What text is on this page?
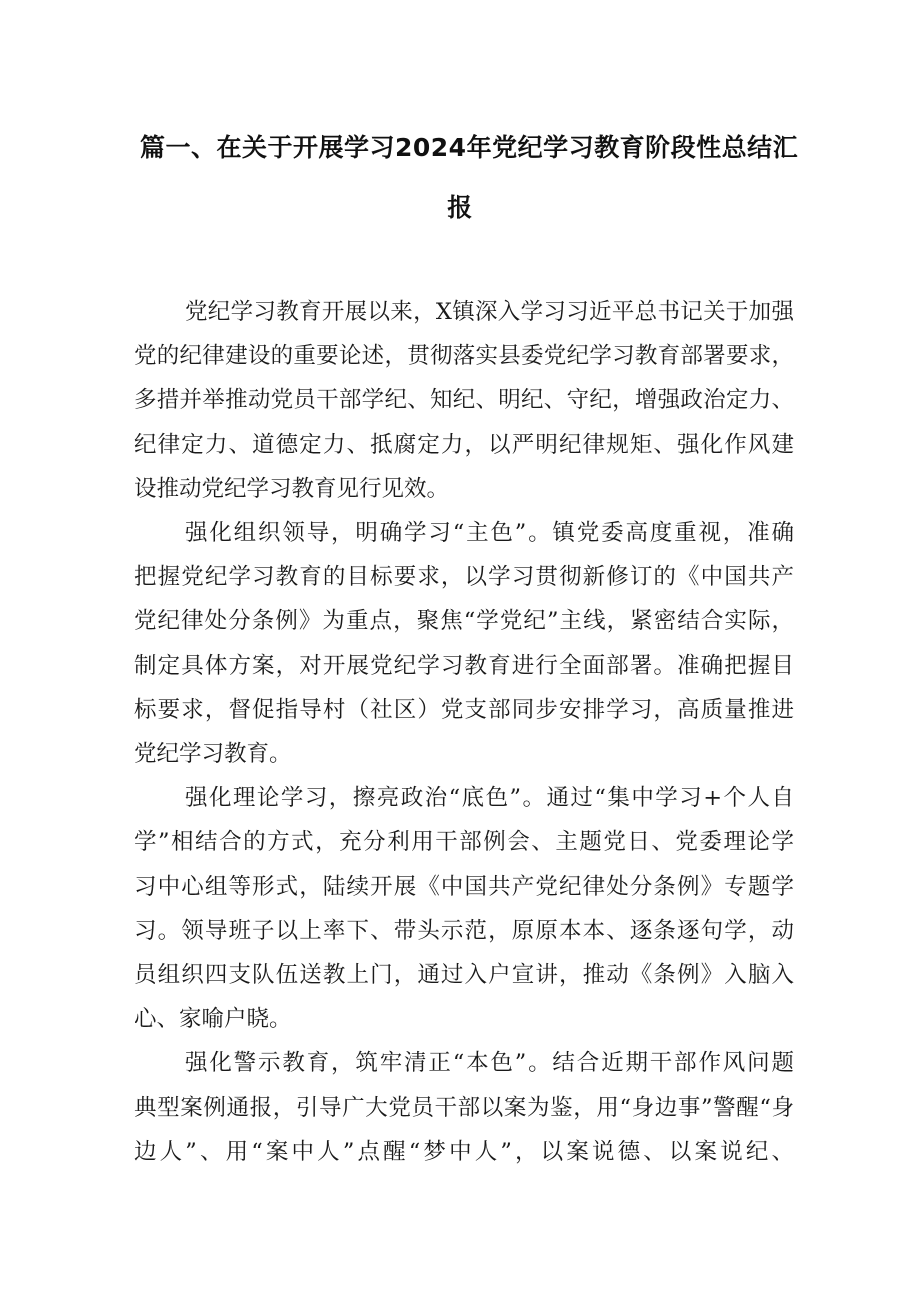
篇一、在关于开展学习2024年党纪学习教育阶段性总结汇
报
党纪学习教育开展以来，X镇深入学习习近平总书记关于加强
党的纪律建设的重要论述，贯彻落实县委党纪学习教育部署要求，
多措并举推动党员干部学纪、知纪、明纪、守纪，增强政治定力、
纪律定力、道德定力、抵腐定力，以严明纪律规矩、强化作风建
设推动党纪学习教育见行见效。
强化组织领导，明确学习“主色”。镇党委高度重视，准确
把握党纪学习教育的目标要求，以学习贯彻新修订的《中国共产
党纪律处分条例》为重点，聚焦“学党纪”主线，紧密结合实际，
制定具体方案，对开展党纪学习教育进行全面部署。准确把握目
标要求，督促指导村（社区）党支部同步安排学习，高质量推进
党纪学习教育。
强化理论学习，擦亮政治“底色”。通过“集中学习+个人自
学”相结合的方式，充分利用干部例会、主题党日、党委理论学
习中心组等形式，陆续开展《中国共产党纪律处分条例》专题学
习。领导班子以上率下、带头示范，原原本本、逐条逐句学，动
员组织四支队伍送教上门，通过入户宣讲，推动《条例》入脑入
心、家喻户晓。
强化警示教育，筑牢清正“本色”。结合近期干部作风问题
典型案例通报，引导广大党员干部以案为鉴，用“身边事”警醒“身
边人”、用“案中人”点醒“梦中人”，以案说德、以案说纪、
